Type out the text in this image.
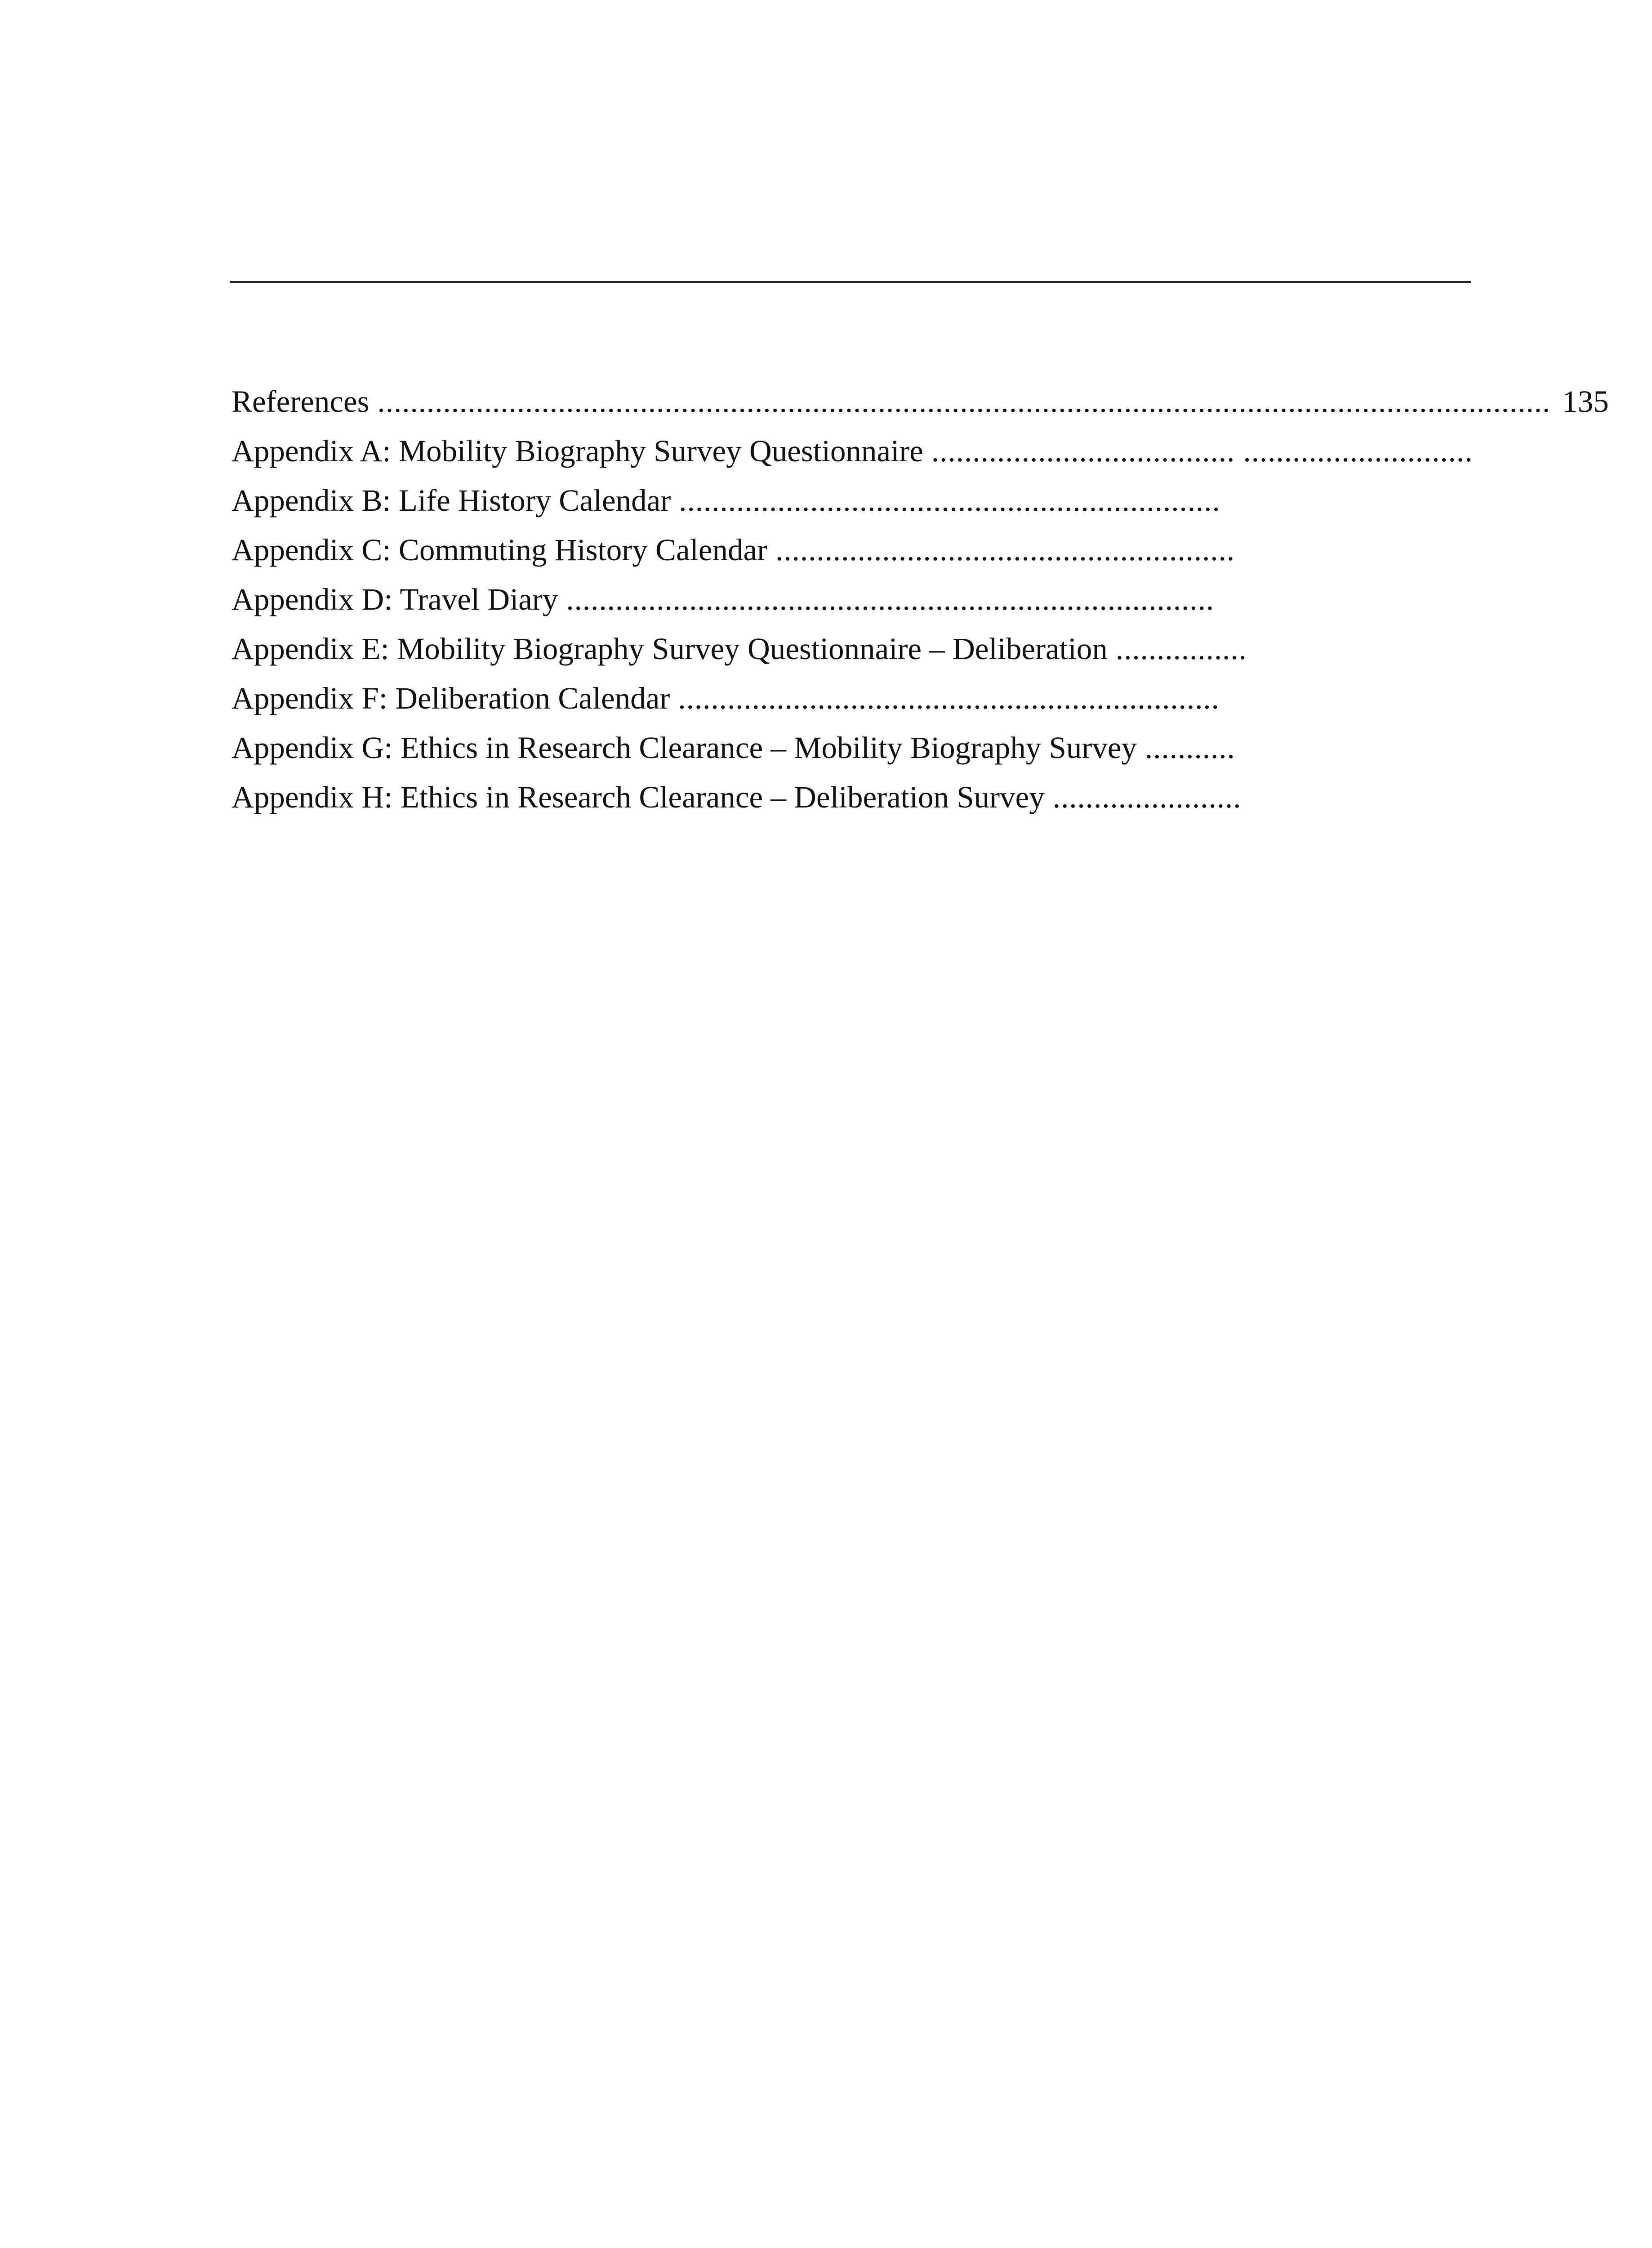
References ............................................................................................................................................... 135
Appendix A: Mobility Biography Survey Questionnaire ..................................... ............................
Appendix B: Life History Calendar ..................................................................
Appendix C: Commuting History Calendar ........................................................
Appendix D: Travel Diary ...............................................................................
Appendix E: Mobility Biography Survey Questionnaire – Deliberation ................
Appendix F: Deliberation Calendar ..................................................................
Appendix G: Ethics in Research Clearance – Mobility Biography Survey ...........
Appendix H: Ethics in Research Clearance – Deliberation Survey .......................
